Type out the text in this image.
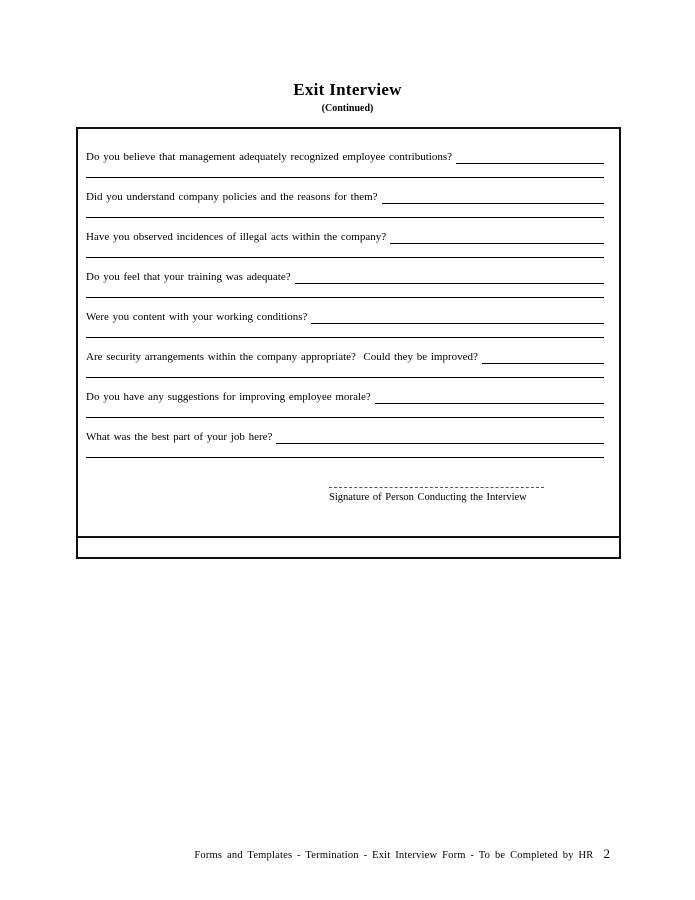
Exit Interview
(Continued)
Do you believe that management adequately recognized employee contributions?
Did you understand company policies and the reasons for them?
Have you observed incidences of illegal acts within the company?
Do you feel that your training was adequate?
Were you content with your working conditions?
Are security arrangements within the company appropriate?  Could they be improved?
Do you have any suggestions for improving employee morale?
What was the best part of your job here?
Signature of Person Conducting the Interview
Forms and Templates - Termination - Exit Interview Form - To be Completed by HR 2
